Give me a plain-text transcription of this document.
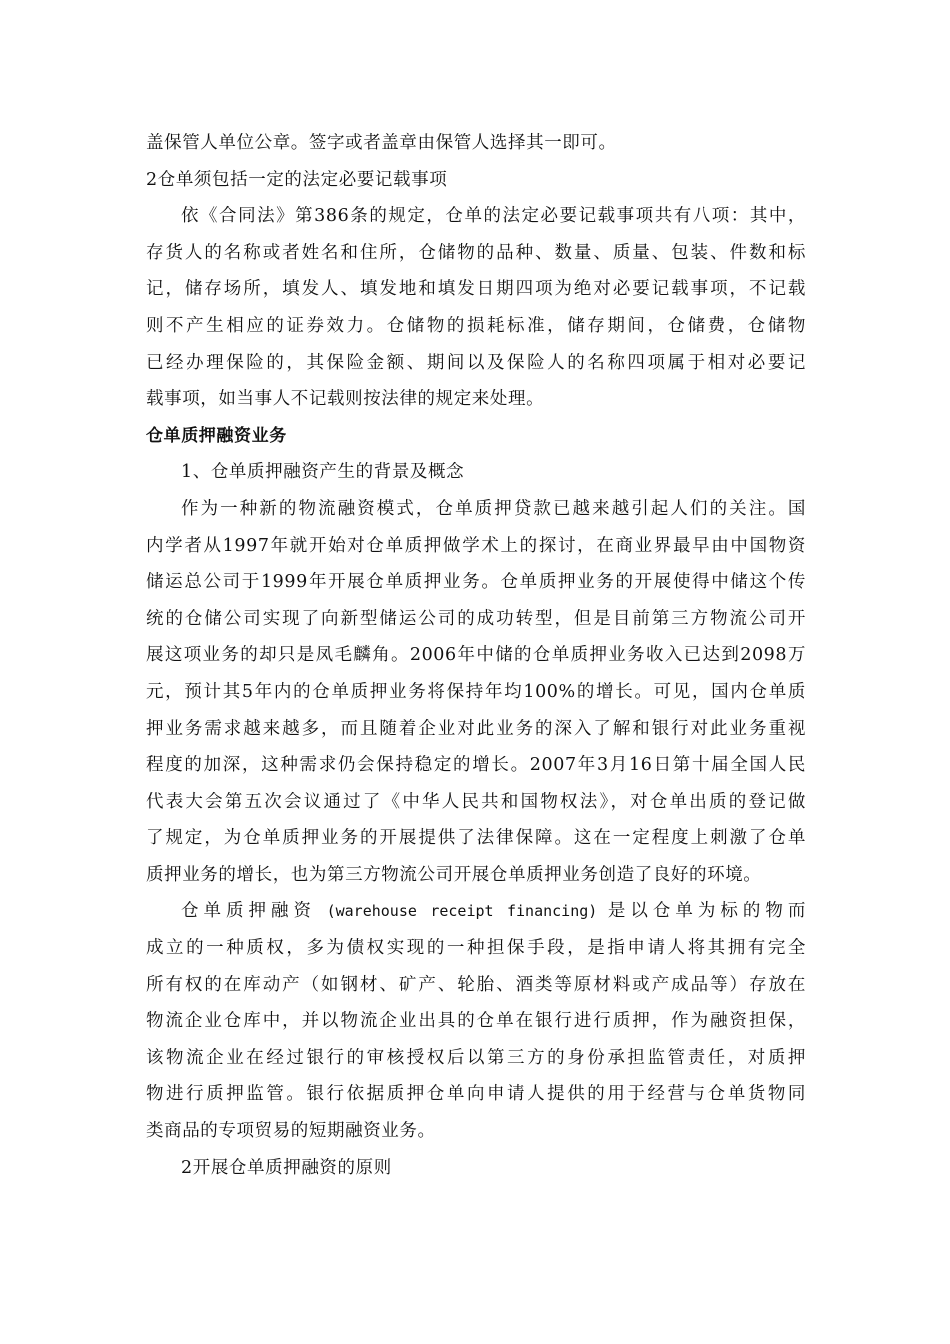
盖保管人单位公章。签字或者盖章由保管人选择其一即可。
2仓单须包括一定的法定必要记载事项
依《合同法》第386条的规定，仓单的法定必要记载事项共有八项：其中，
存货人的名称或者姓名和住所，仓储物的品种、数量、质量、包装、件数和标
记，储存场所，填发人、填发地和填发日期四项为绝对必要记载事项，不记载
则不产生相应的证券效力。仓储物的损耗标准，储存期间，仓储费，仓储物
已经办理保险的，其保险金额、期间以及保险人的名称四项属于相对必要记
载事项，如当事人不记载则按法律的规定来处理。
仓单质押融资业务
1、仓单质押融资产生的背景及概念
作为一种新的物流融资模式，仓单质押贷款已越来越引起人们的关注。国
内学者从1997年就开始对仓单质押做学术上的探讨，在商业界最早由中国物资
储运总公司于1999年开展仓单质押业务。仓单质押业务的开展使得中储这个传
统的仓储公司实现了向新型储运公司的成功转型，但是目前第三方物流公司开
展这项业务的却只是凤毛麟角。2006年中储的仓单质押业务收入已达到2098万
元，预计其5年内的仓单质押业务将保持年均100%的增长。可见，国内仓单质
押业务需求越来越多，而且随着企业对此业务的深入了解和银行对此业务重视
程度的加深，这种需求仍会保持稳定的增长。2007年3月16日第十届全国人民
代表大会第五次会议通过了《中华人民共和国物权法》，对仓单出质的登记做
了规定，为仓单质押业务的开展提供了法律保障。这在一定程度上刺激了仓单
质押业务的增长，也为第三方物流公司开展仓单质押业务创造了良好的环境。
仓单质押融资 (warehouse receipt financing) 是以仓单为标的物而
成立的一种质权，多为债权实现的一种担保手段，是指申请人将其拥有完全
所有权的在库动产（如钢材、矿产、轮胎、酒类等原材料或产成品等）存放在
物流企业仓库中，并以物流企业出具的仓单在银行进行质押，作为融资担保，
该物流企业在经过银行的审核授权后以第三方的身份承担监管责任，对质押
物进行质押监管。银行依据质押仓单向申请人提供的用于经营与仓单货物同
类商品的专项贸易的短期融资业务。
2开展仓单质押融资的原则
